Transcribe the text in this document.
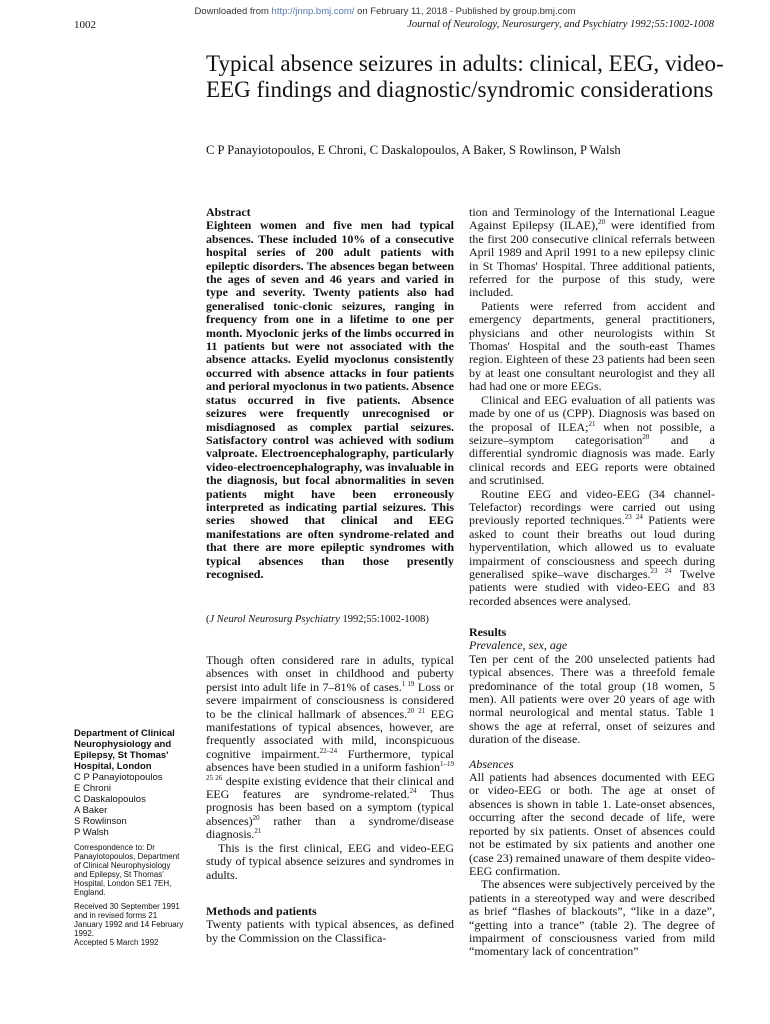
Downloaded from http://jnnp.bmj.com/ on February 11, 2018 - Published by group.bmj.com
1002	Journal of Neurology, Neurosurgery, and Psychiatry 1992;55:1002-1008
Typical absence seizures in adults: clinical, EEG, video-EEG findings and diagnostic/syndromic considerations
C P Panayiotopoulos, E Chroni, C Daskalopoulos, A Baker, S Rowlinson, P Walsh

Abstract

Eighteen women and five men had typical absences. These included 10% of a consecutive hospital series of 200 adult patients with epileptic disorders. The absences began between the ages of seven and 46 years and varied in type and severity. Twenty patients also had generalised tonic-clonic seizures, ranging in frequency from one in a lifetime to one per month. Myoclonic jerks of the limbs occurred in 11 patients but were not associated with the absence attacks. Eyelid myoclonus consistently occurred with absence attacks in four patients and perioral myoclonus in two patients. Absence status occurred in five patients. Absence seizures were frequently unrecognised or misdiagnosed as complex partial seizures. Satisfactory control was achieved with sodium valproate. Electroencephalography, particularly video-electroencephalography, was invaluable in the diagnosis, but focal abnormalities in seven patients might have been erroneously interpreted as indicating partial seizures. This series showed that clinical and EEG manifestations are often syndrome-related and that there are more epileptic syndromes with typical absences than those presently recognised.

(J Neurol Neurosurg Psychiatry 1992;55:1002-1008)

Though often considered rare in adults, typical absences with onset in childhood and puberty persist into adult life in 7–81% of cases.$^{1 19}$ Loss or severe impairment of consciousness is considered to be the clinical hallmark of absences.$^{20 21}$ EEG manifestations of typical absences, however, are frequently associated with mild, inconspicuous cognitive impairment.$^{22-24}$ Furthermore, typical absences have been studied in a uniform fashion$^{1-19 25 26}$ despite existing evidence that their clinical and EEG features are syndrome-related.$^{24}$ Thus prognosis has been based on a symptom (typical absences)$^{20}$ rather than a syndrome/disease diagnosis.$^{21}$

This is the first clinical, EEG and video-EEG study of typical absence seizures and syndromes in adults.

Methods and patients

Twenty patients with typical absences, as defined by the Commission on the Classifica-

tion and Terminology of the International League Against Epilepsy (ILAE),$^{20}$ were identified from the first 200 consecutive clinical referrals between April 1989 and April 1991 to a new epilepsy clinic in St Thomas' Hospital. Three additional patients, referred for the purpose of this study, were included.

Patients were referred from accident and emergency departments, general practitioners, physicians and other neurologists within St Thomas' Hospital and the south-east Thames region. Eighteen of these 23 patients had been seen by at least one consultant neurologist and they all had had one or more EEGs.

Clinical and EEG evaluation of all patients was made by one of us (CPP). Diagnosis was based on the proposal of ILEA;$^{21}$ when not possible, a seizure–symptom categorisation$^{20}$ and a differential syndromic diagnosis was made. Early clinical records and EEG reports were obtained and scrutinised.

Routine EEG and video-EEG (34 channel-Telefactor) recordings were carried out using previously reported techniques.$^{23 24}$ Patients were asked to count their breaths out loud during hyperventilation, which allowed us to evaluate impairment of consciousness and speech during generalised spike–wave discharges.$^{23 24}$ Twelve patients were studied with video-EEG and 83 recorded absences were analysed.

Results

Prevalence, sex, age

Ten per cent of the 200 unselected patients had typical absences. There was a threefold female predominance of the total group (18 women, 5 men). All patients were over 20 years of age with normal neurological and mental status. Table 1 shows the age at referral, onset of seizures and duration of the disease.

Absences

All patients had absences documented with EEG or video-EEG or both. The age at onset of absences is shown in table 1. Late-onset absences, occurring after the second decade of life, were reported by six patients. Onset of absences could not be estimated by six patients and another one (case 23) remained unaware of them despite video-EEG confirmation.

The absences were subjectively perceived by the patients in a stereotyped way and were described as brief “flashes of blackouts”, “like in a daze”, “getting into a trance” (table 2). The degree of impairment of consciousness varied from mild “momentary lack of concentration”

Department of Clinical Neurophysiology and Epilepsy, St Thomas' Hospital, London
C P Panayiotopoulos
E Chroni
C Daskalopoulos
A Baker
S Rowlinson
P Walsh
Correspondence to: Dr Panayiotopoulos, Department of Clinical Neurophysiology and Epilepsy, St Thomas' Hospital, London SE1 7EH, England.
Received 30 September 1991 and in revised forms 21 January 1992 and 14 February 1992.
Accepted 5 March 1992
